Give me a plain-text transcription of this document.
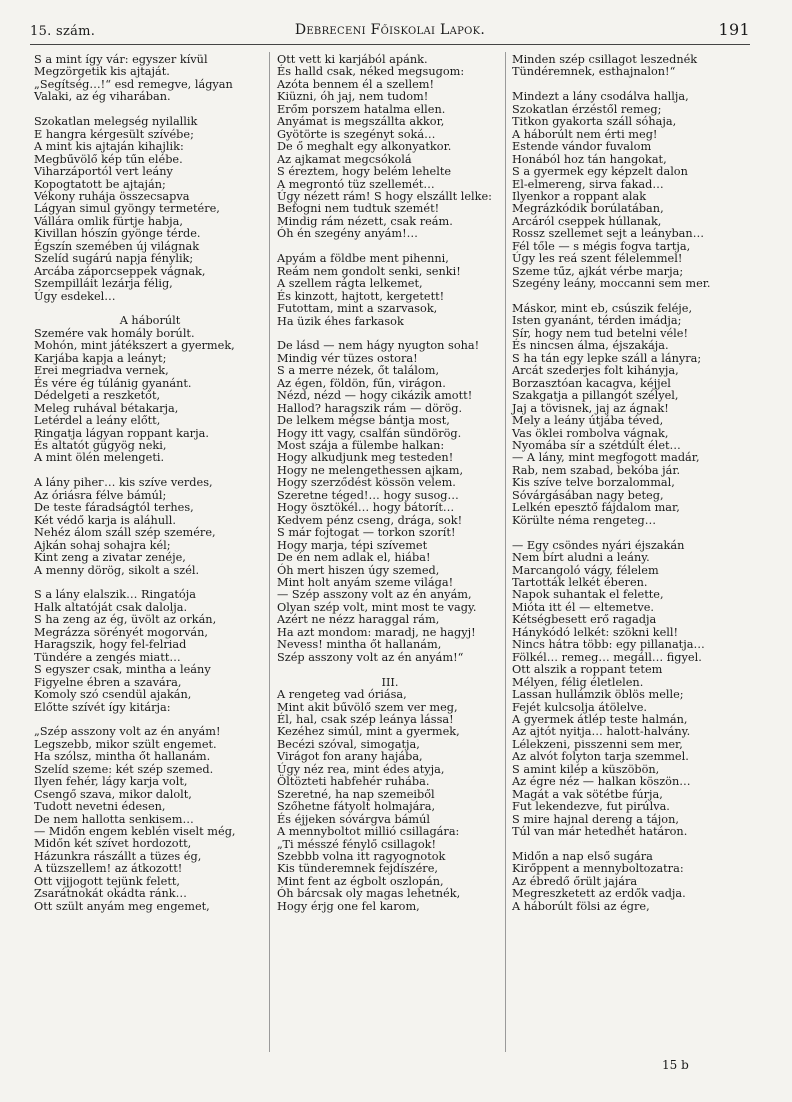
15. szám.	Debreceni Főiskolai Lapok.	191
S a mint így vár: egyszer kívül
Megzörgetik kis ajtaját.
„Segítség…!“ esd remegve, lágyan
Valaki, az ég viharában.
Szokatlan melegség nyilallik
E hangra kérgesült szívébe;
A mint kis ajtaján kihajlik:
Megbűvölő kép tűn elébe.
Viharzáportól vert leány
Kopogtatott be ajtaján;
Vékony ruhája összecsapva
Lágyan simul gyöngy termetére,
Vállára omlik fürtje habja,
Kivillan hószín gyönge térde.
Égszín szemében új világnak
Szelíd sugárú napja fénylik;
Arcába záporcseppek vágnak,
Szempilláit lezárja félig,
Úgy esdekel…
A háborúlt
Szemére vak homály borúlt.
Mohón, mint játékszert a gyermek,
Karjába kapja a leányt;
Erei megriadva vernek,
És vére ég túlánig gyanánt.
Dédelgeti a reszketőt,
Meleg ruhával bétakarja,
Letérdel a leány előtt,
Ringatja lágyan roppant karja.
És altatót gügyög neki,
A mint ölén melengeti.
A lány pihег… kis szíve verdes,
Az óriásra félve bámúl;
De teste fáradságtól terhes,
Két védő karja is aláhull.
Nehéz álom száll szép szemére,
Ajkán sohaj sohajra kél;
Kint zeng a zivatar zenéje,
A menny dörög, sikolt a szél.
S a lány elalszik… Ringatója
Halk altatóját csak dalolja.
S ha zeng az ég, üvölt az orkán,
Megrázza sörényét mogorván,
Haragszik, hogy fel-felriad
Tündére a zengés miatt…
S egyszer csak, mintha a leány
Figyelne ébren a szavára,
Komoly szó csendül ajakán,
Előtte szívét így kitárja:
„Szép asszony volt az én anyám!
Legszebb, mikor szült engemet.
Ha szólsz, mintha őt hallanám.
Szelíd szeme: két szép szemed.
Ilyen fehér, lágy karja volt,
Csengő szava, mikor dalolt,
Tudott nevetni édesen,
De nem hallotta senkisem…
— Midőn engem keblén viselt még,
Midőn két szívet hordozott,
Házunkra rászállt a tüzes ég,
A tüzszellem! az átkozott!
Ott vijjogott tejünk felett,
Zsarátnokát okádta ránk…
Ott szült anyám meg engemet,
Ott vett ki karjából apánk.
És halld csak, néked megsugom:
Azóta bennem él a szellem!
Kiüzni, óh jaj, nem tudom!
Erőm porszem hatalma ellen.
Anyámat is megszállta akkor,
Gyötörte is szegényt soká…
De ő meghalt egy alkonyatkor.
Az ajkamat megcsókolá
S éreztem, hogy belém lehelte
A megrontó tüz szellemét…
Úgy nézett rám! S hogy elszállt lelke:
Befogni nem tudtuk szemét!
Mindig rám nézett, csak reám.
Óh én szegény anyám!…
Apyám a földbe ment pihenni,
Reám nem gondolt senki, senki!
A szellem rágta lelkemet,
És kinzott, hajtott, kergetett!
Futottam, mint a szarvasok,
Ha üzik éhes farkasok
De lásd — nem hágy nyugton soha!
Mindig vér tüzes ostora!
S a merre nézek, őt találom,
Az égen, földön, fűn, virágon.
Nézd, nézd — hogy cikázik amott!
Hallod? haragszik rám — dörög.
De lelkem mégse bántja most,
Hogy itt vagy, csalfán sündörög.
Most szája a fülembe halkan:
Hogy alkudjunk meg testeden!
Hogy ne melengethessen ajkam,
Hogy szerződést kössön velem.
Szeretne téged!… hogy susog…
Hogy ösztökél… hogy bátorít…
Kedvem pénz cseng, drága, sok!
S már fojtogat — torkon szorít!
Hogy marja, tépi szívemet
De én nem adlak el, hiába!
Óh mert hiszen úgy szemed,
Mint holt anyám szeme világa!
— Szép asszony volt az én anyám,
Olyan szép volt, mint most te vagy.
Azért ne nézz haraggal rám,
Ha azt mondom: maradj, ne hagyj!
Nevess! mintha őt hallanám,
Szép asszony volt az én anyám!“
III.
A rengeteg vad óriása,
Mint akit bűvölő szem ver meg,
Él, hal, csak szép leánya lássa!
Kezéhez simúl, mint a gyermek,
Becézi szóval, simogatja,
Virágot fon arany hajába,
Úgy néz rea, mint édes atyja,
Öltözteti habfehér ruhába.
Szeretné, ha nap szemeiből
Szőhetne fátyolt holmajára,
És éjjeken sóvárgva bámúl
A mennyboltot millió csillagára:
„Ti mésszé fénylő csillagok!
Szebbb volna itt ragyognotok
Kis tünderemnek fejdíszére,
Mint fent az égbolt oszlopán,
Óh bárcsak oly magas lehetnék,
Hogy érjg one fel karom,
Minden szép csillagot leszednék
Tündéremnek, esthajnalon!“
Mindezt a lány csodálva hallja,
Szokatlan érzéstől remeg;
Titkon gyakorta száll sóhaja,
A háborúlt nem érti meg!
Estende vándor fuvalom
Honából hoz tán hangokat,
S a gyermek egy képzelt dalon
El-elmereng, sirva fakad…
Ilyenkor a roppant alak
Megrázkódik borúlatában,
Arcáról cseppek húllanak,
Rossz szellemet sejt a leányban…
Fél tőle — s mégis fogva tartja,
Úgy les reá szent félelemmel!
Szeme tűz, ajkát vérbe marja;
Szegény leány, moccanni sem mer.
Máskor, mint eb, csúszik feléje,
Isten gyanánt, térden imádja;
Sír, hogy nem tud betelni véle!
És nincsen álma, éjszakája.
S ha tán egy lepke száll a lányra;
Arcát szederjes folt kihányja,
Borzasztóan kacagva, kéjjel
Szakgatja a pillangót szélyel,
Jaj a tövisnek, jaj az ágnak!
Mely a leány útjába téved,
Vas öklei rombolva vágnak,
Nyomába sír a szétdúlt élet…
— A lány, mint megfogott madár,
Rab, nem szabad, bekóba jár.
Kis szíve telve borzalommal,
Sóvárgásában nagy beteg,
Lelkén epesztő fájdalom mar,
Körülte néma rengeteg…
— Egy csöndes nyári éjszakán
Nem bírt aludni a leány.
Marcangoló vágy, félelem
Tartották lelkét éberen.
Napok suhantak el felette,
Mióta itt él — eltemetve.
Kétségbesett erő ragadja
Hánykódó lelkét: szökni kell!
Nincs hátra több: egy pillanatja…
Fölkél… remeg… megáll… figyel.
Ott alszik a roppant tetem
Mélyen, félig életlelen.
Lassan hullámzik öblös melle;
Fejét kulcsolja átölelve.
A gyermek átlép teste halmán,
Az ajtót nyitja… halott-halvány.
Lélekzeni, pisszenni sem mer,
Az alvót folyton tarja szemmel.
S amint kilép a küszöbön,
Az égre néz — halkan köszön…
Magát a vak sötétbe fúrja,
Fut lekendezve, fut pirúlva.
S mire hajnal dereng a tájon,
Túl van már hetedhét határon.
Midőn a nap első sugára
Kirőppent a mennyboltozatra:
Az ébredő őrült jajára
Megreszketett az erdők vadja.
A háborúlt fölsi az égre,
15 b
